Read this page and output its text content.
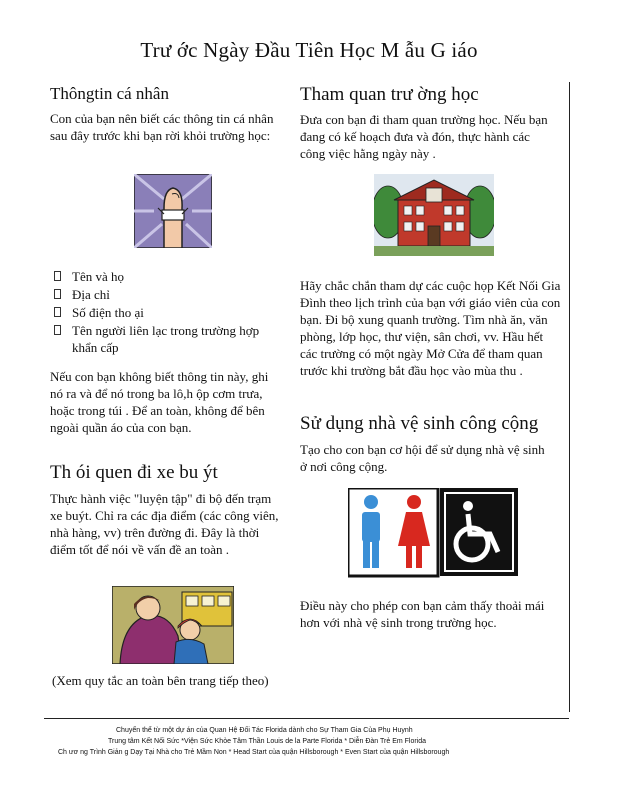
Trư ớc Ngày Đầu Tiên Học M ẫu G iáo
Thôngtin cá nhân
Con của bạn nên biết các thông tin cá nhân sau đây trước khi bạn rời khỏi trường học:
Tên và họ
Địa chỉ
Số điện tho ại
Tên người liên lạc trong trường hợp khẩn cấp
Nếu con bạn không biết thông tin này, ghi nó ra và để nó trong ba lô,h ộp cơm trưa, hoặc trong túi . Để an toàn, không để bên ngoài quần áo của con bạn.
Th ói quen đi xe bu ýt
Thực hành việc "luyện tập" đi bộ đến trạm xe buýt. Chỉ ra các địa điểm (các công viên, nhà hàng, vv) trên đường đi. Đây là thời điểm tốt để nói về vấn đề an toàn .
(Xem quy tắc an toàn bên trang tiếp theo)
Tham quan trư ờng học
Đưa con bạn đi tham quan trường học. Nếu bạn đang có kế hoạch đưa và đón, thực hành các công việc hằng ngày này .
Hãy chắc chắn tham dự các cuộc họp Kết Nối Gia Đình theo lịch trình của bạn với giáo viên của con bạn. Đi bộ xung quanh trường. Tìm nhà ăn, văn phòng, lớp học, thư viện, sân chơi, vv. Hầu hết các trường có một ngày Mở Cửa để tham quan trước khi trường bắt đầu học vào mùa thu .
Sử dụng nhà vệ sinh công cộng
Tạo cho con bạn cơ hội để sử dụng nhà vệ sinh ở nơi công cộng.
Điều này cho phép con bạn cảm thấy thoải mái hơn với nhà vệ sinh trong trường học.
Chuyển thể từ một dự án của Quan Hệ Đối Tác Florida dành cho Sự Tham Gia Của Phụ Huynh
Trung tâm Kết Nối Sức *Viện Sức Khỏe Tâm Thần Louis de la Parte Florida * Diễn Đàn Trẻ Em Florida
Ch ươ ng Trình Giản g Dạy Tại Nhà cho Trẻ Mầm Non * Head Start của quận Hillsborough * Even Start của quận Hillsborough
